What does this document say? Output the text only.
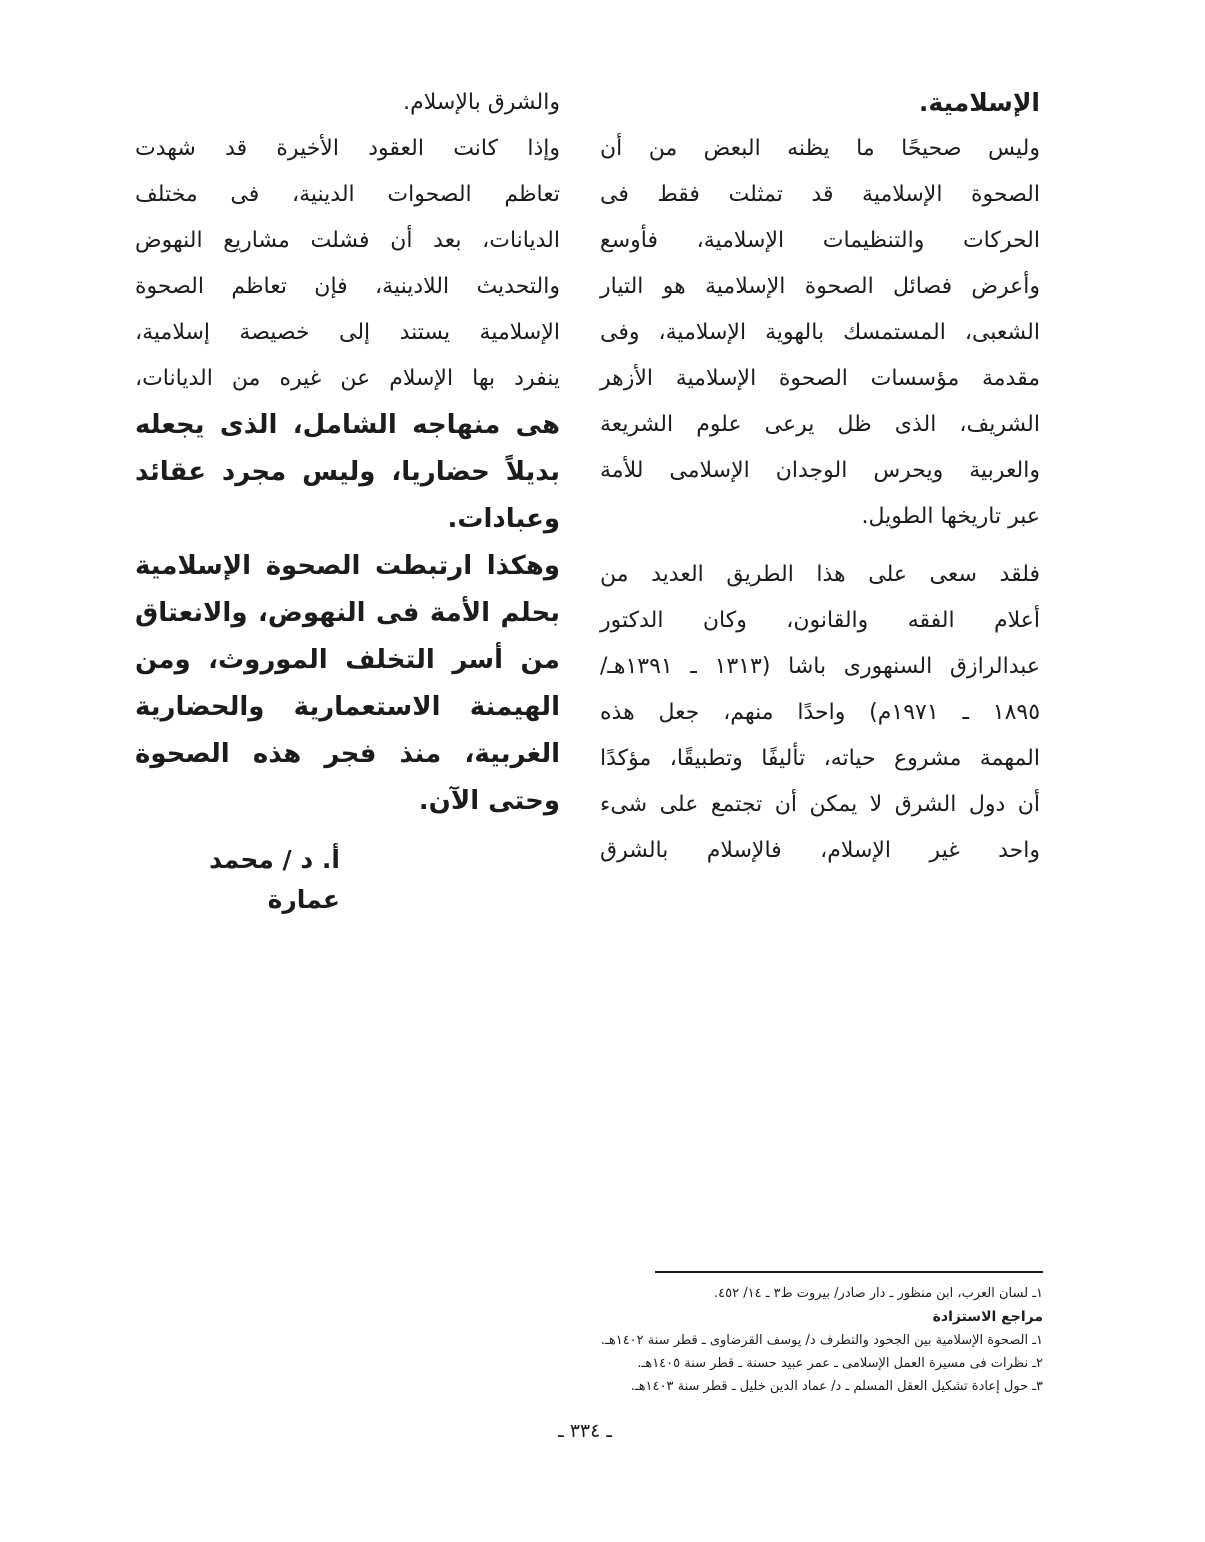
الإسلامية.
وليس صحيحًا ما يظنه البعض من أن
الصحوة الإسلامية قد تمثلت فقط فى
الحركات والتنظيمات الإسلامية، فأوسع
وأعرض فصائل الصحوة الإسلامية هو التيار
الشعبى، المستمسك بالهوية الإسلامية، وفى
مقدمة مؤسسات الصحوة الإسلامية الأزهر
الشريف، الذى ظل يرعى علوم الشريعة
والعربية ويحرس الوجدان الإسلامى للأمة
عبر تاريخها الطويل.
فلقد سعى على هذا الطريق العديد من
أعلام الفقه والقانون، وكان الدكتور
عبدالرازق السنهورى باشا (١٣١٣ ـ ١٣٩١هـ/
١٨٩٥ ـ ١٩٧١م) واحدًا منهم، جعل هذه
المهمة مشروع حياته، تأليفًا وتطبيقًا، مؤكدًا
أن دول الشرق لا يمكن أن تجتمع على شىء
واحد غير الإسلام، فالإسلام بالشرق
والشرق بالإسلام.
وإذا كانت العقود الأخيرة قد شهدت
تعاظم الصحوات الدينية، فى مختلف
الديانات، بعد أن فشلت مشاريع النهوض
والتحديث اللادينية، فإن تعاظم الصحوة
الإسلامية يستند إلى خصيصة إسلامية،
ينفرد بها الإسلام عن غيره من الديانات،
هى منهاجه الشامل، الذى يجعله
بديلاً حضاريا، وليس مجرد عقائد
وعبادات.
وهكذا ارتبطت الصحوة الإسلامية
بحلم الأمة فى النهوض، والانعتاق
من أسر التخلف الموروث، ومن
الهيمنة الاستعمارية والحضارية
الغربية، منذ فجر هذه الصحوة
وحتى الآن.
أ. د / محمد عمارة
١ـ لسان العرب، ابن منظور ـ دار صادر/ بيروت ط٣ ـ ١٤/ ٤٥٢.
مراجع الاستزادة
١ـ الصحوة الإسلامية بين الجحود والتطرف د/ يوسف القرضاوى ـ قطر سنة ١٤٠٢هـ.
٢ـ نظرات فى مسيرة العمل الإسلامى ـ عمر عبيد حسنة ـ قطر سنة ١٤٠٥هـ.
٣ـ حول إعادة تشكيل العقل المسلم ـ د/ عماد الدين خليل ـ قطر سنة ١٤٠٣هـ.
ـ ٣٣٤ ـ
